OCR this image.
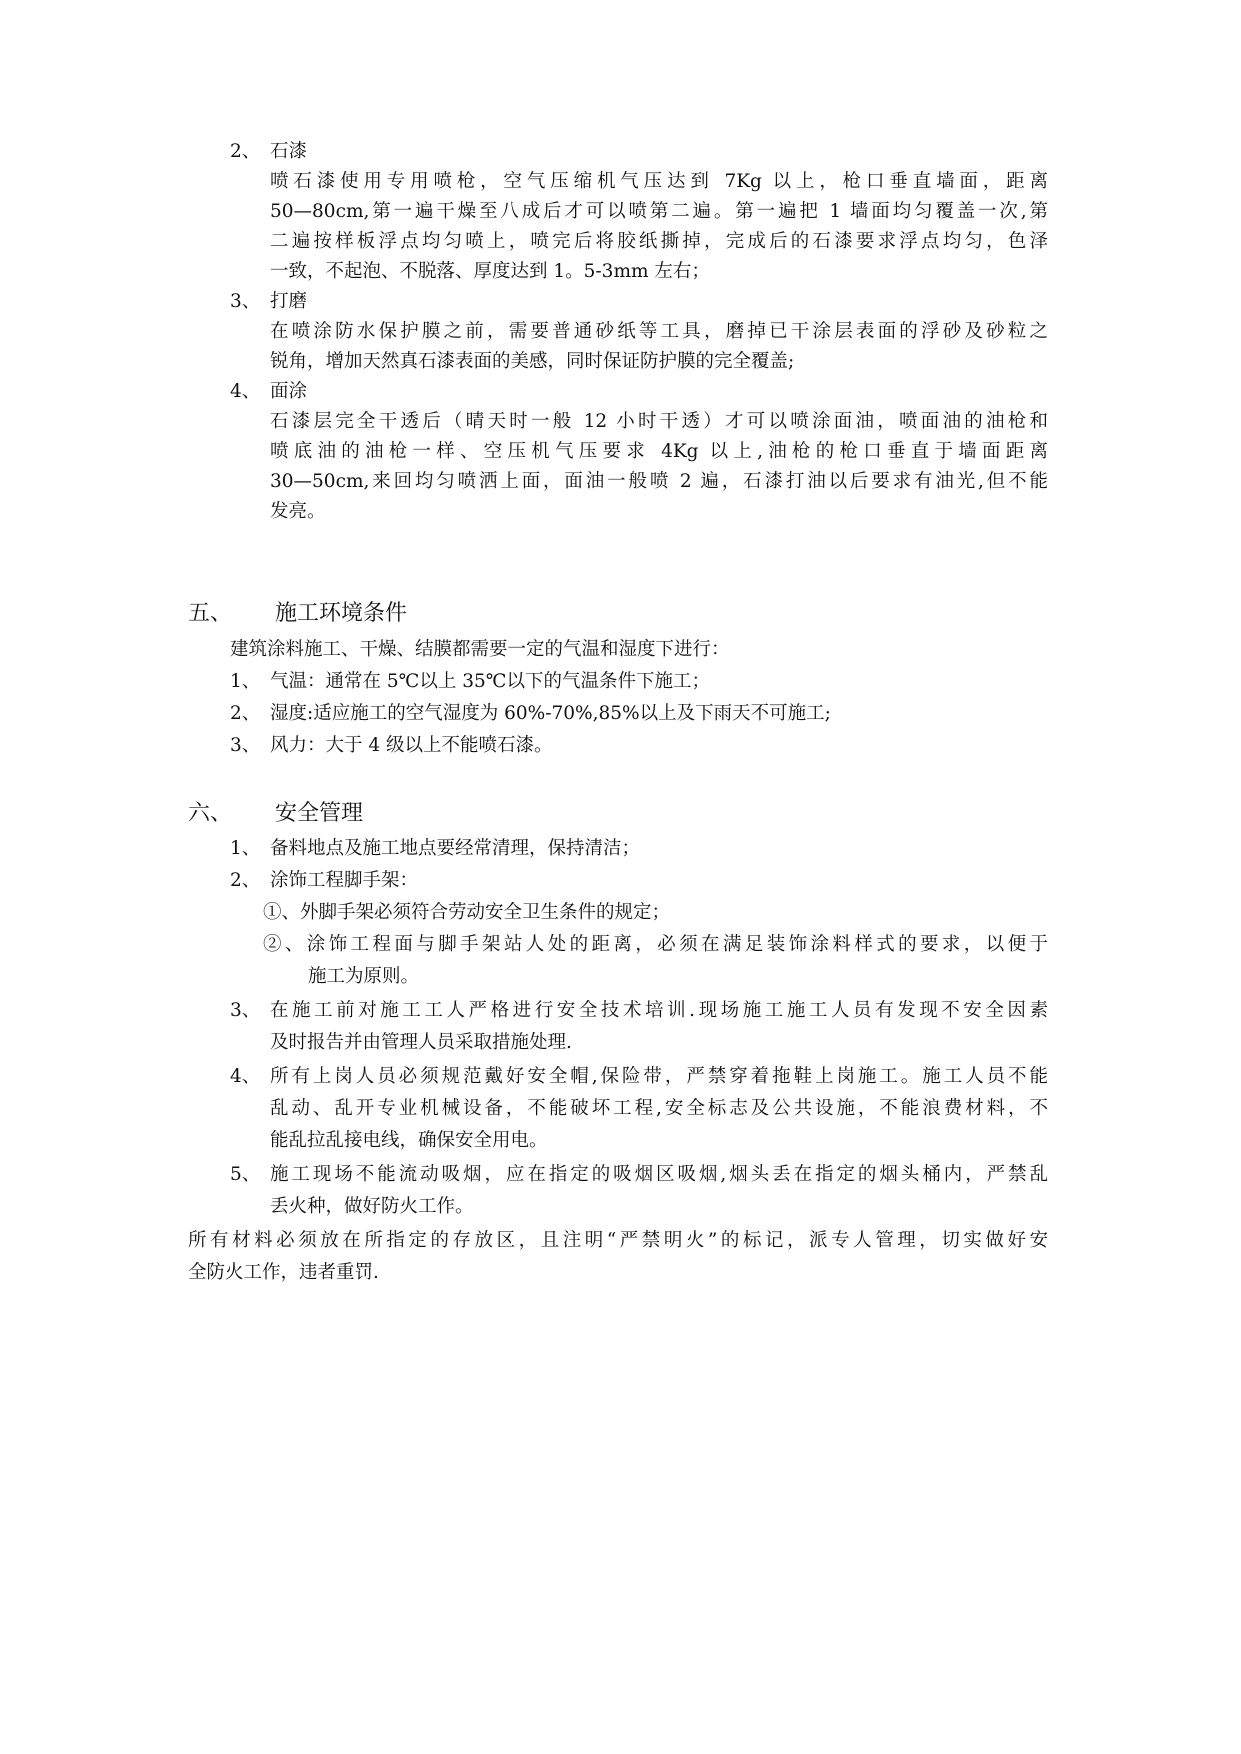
2、 石漆
喷石漆使用专用喷枪，空气压缩机气压达到 7Kg 以上，枪口垂直墙面，距离
50—80cm,第一遍干燥至八成后才可以喷第二遍。第一遍把 1 墙面均匀覆盖一次,第
二遍按样板浮点均匀喷上，喷完后将胶纸撕掉，完成后的石漆要求浮点均匀，色泽
一致，不起泡、不脱落、厚度达到 1。5-3mm 左右；
3、 打磨
在喷涂防水保护膜之前，需要普通砂纸等工具，磨掉已干涂层表面的浮砂及砂粒之
锐角，增加天然真石漆表面的美感，同时保证防护膜的完全覆盖;
4、 面涂
石漆层完全干透后（晴天时一般 12 小时干透）才可以喷涂面油，喷面油的油枪和
喷底油的油枪一样、空压机气压要求 4Kg 以上,油枪的枪口垂直于墙面距离
30—50cm,来回均匀喷洒上面，面油一般喷 2 遍，石漆打油以后要求有油光,但不能
发亮。
五、 施工环境条件
建筑涂料施工、干燥、结膜都需要一定的气温和湿度下进行：
1、 气温：通常在 5℃以上 35℃以下的气温条件下施工；
2、 湿度:适应施工的空气湿度为 60%-70%,85%以上及下雨天不可施工;
3、 风力：大于 4 级以上不能喷石漆。
六、 安全管理
1、 备料地点及施工地点要经常清理，保持清洁；
2、 涂饰工程脚手架：
①、外脚手架必须符合劳动安全卫生条件的规定；
②、涂饰工程面与脚手架站人处的距离，必须在满足装饰涂料样式的要求，以便于
施工为原则。
3、 在施工前对施工工人严格进行安全技术培训.现场施工施工人员有发现不安全因素
及时报告并由管理人员采取措施处理.
4、 所有上岗人员必须规范戴好安全帽,保险带，严禁穿着拖鞋上岗施工。施工人员不能
乱动、乱开专业机械设备，不能破坏工程,安全标志及公共设施，不能浪费材料，不
能乱拉乱接电线，确保安全用电。
5、 施工现场不能流动吸烟，应在指定的吸烟区吸烟,烟头丢在指定的烟头桶内，严禁乱
丢火种，做好防火工作。
所有材料必须放在所指定的存放区，且注明“严禁明火”的标记，派专人管理，切实做好安
全防火工作，违者重罚.
